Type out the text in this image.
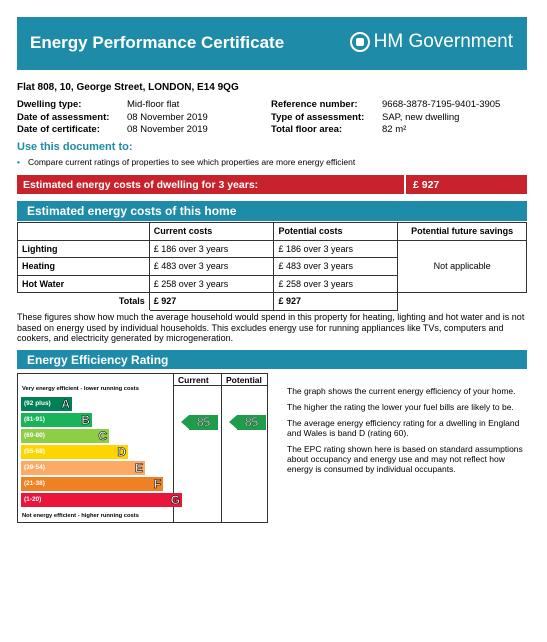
Energy Performance Certificate	HM Government
Flat 808, 10, George Street, LONDON, E14 9QG
Dwelling type:	Mid-floor flat
Date of assessment:	08 November 2019
Date of certificate:	08 November 2019
Reference number:	9668-3878-7195-9401-3905
Type of assessment:	SAP, new dwelling
Total floor area:	82 m²
Use this document to:
• Compare current ratings of properties to see which properties are more energy efficient
Estimated energy costs of dwelling for 3 years:	£ 927
Estimated energy costs of this home
	Current costs	Potential costs	Potential future savings
Lighting	£ 186 over 3 years	£ 186 over 3 years	Not applicable
Heating	£ 483 over 3 years	£ 483 over 3 years	
Hot Water	£ 258 over 3 years	£ 258 over 3 years	
Totals	£ 927	£ 927	
These figures show how much the average household would spend in this property for heating, lighting and hot water and is not based on energy used by individual households. This excludes energy use for running appliances like TVs, computers and cookers, and electricity generated by microgeneration.
Energy Efficiency Rating
Current Potential
Very energy efficient - lower running costs
(92 plus) A
(81-91)	B
(69-80)	C
(55-68)	D
(39-54)	E
(21-38)	F
(1-20)	G
Not energy efficient - higher running costs
85	85

The graph shows the current energy efficiency of your home.

The higher the rating the lower your fuel bills are likely to be.

The average energy efficiency rating for a dwelling in England and Wales is band D (rating 60).

The EPC rating shown here is based on standard assumptions about occupancy and energy use and may not reflect how energy is consumed by individual occupants.
